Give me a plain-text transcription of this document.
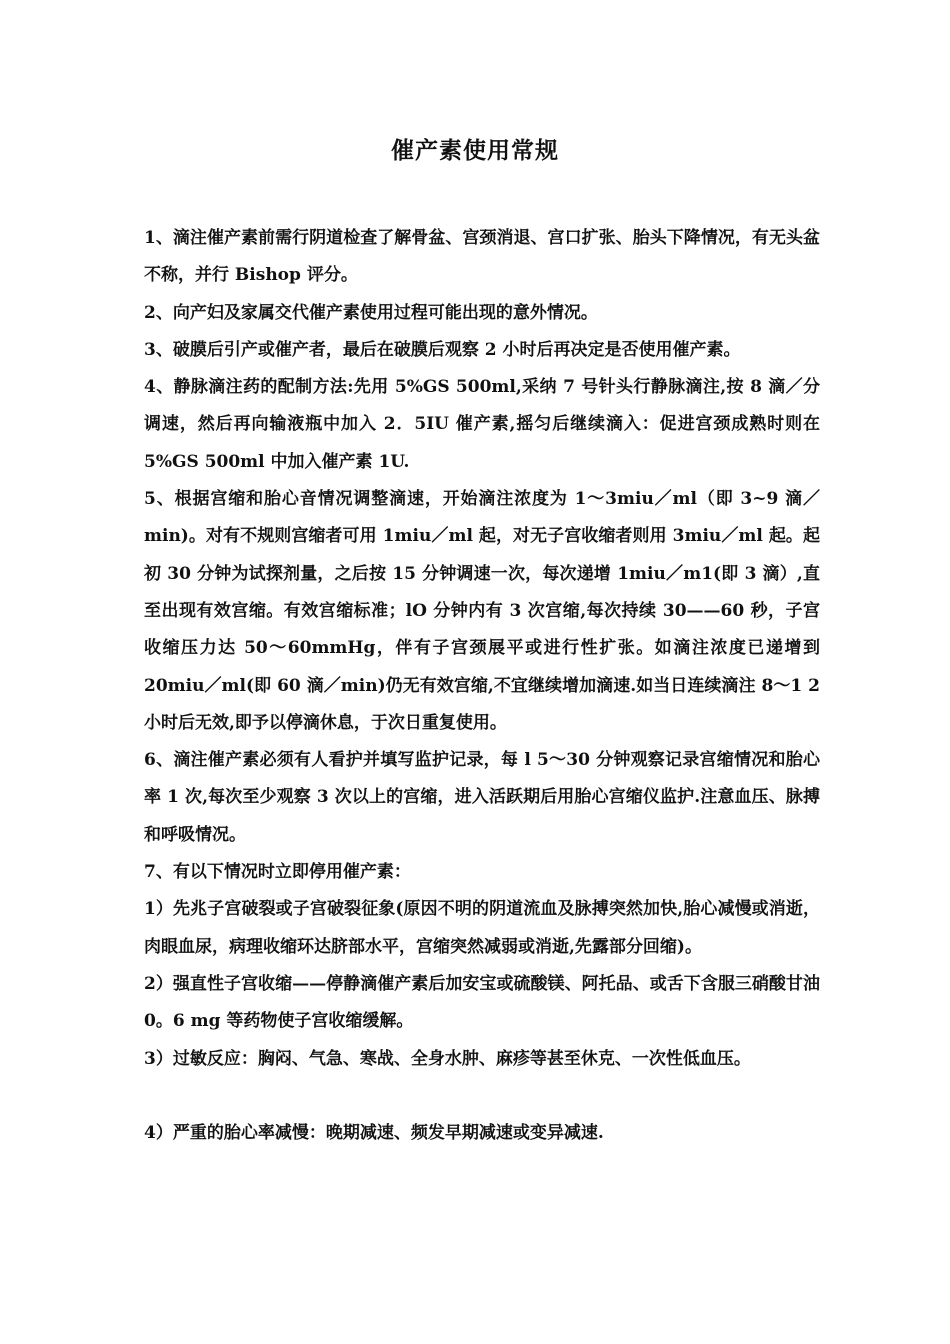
催产素使用常规

1、滴注催产素前需行阴道检查了解骨盆、宫颈消退、宫口扩张、胎头下降情况，有无头盆不称，并行 Bishop 评分。

2、向产妇及家属交代催产素使用过程可能出现的意外情况。

3、破膜后引产或催产者，最后在破膜后观察 2 小时后再决定是否使用催产素。

4、静脉滴注药的配制方法:先用 5%GS 500ml,采纳 7 号针头行静脉滴注,按 8 滴／分调速，然后再向输液瓶中加入 2．5IU 催产素,摇匀后继续滴入：促进宫颈成熟时则在 5%GS 500ml 中加入催产素 1U.

5、根据宫缩和胎心音情况调整滴速，开始滴注浓度为 1～3miu／ml（即 3~9 滴／min)。对有不规则宫缩者可用 1miu／ml 起，对无子宫收缩者则用 3miu／ml 起。起初 30 分钟为试探剂量，之后按 15 分钟调速一次，每次递增 1miu／m1(即 3 滴）,直至出现有效宫缩。有效宫缩标准；lO 分钟内有 3 次宫缩,每次持续 30——60 秒，子宫收缩压力达 50～60mmHg，伴有子宫颈展平或进行性扩张。如滴注浓度已递增到 20miu／ml(即 60 滴／min)仍无有效宫缩,不宜继续增加滴速.如当日连续滴注 8～1 2 小时后无效,即予以停滴休息，于次日重复使用。

6、滴注催产素必须有人看护并填写监护记录，每 l 5～30 分钟观察记录宫缩情况和胎心率 1 次,每次至少观察 3 次以上的宫缩，进入活跃期后用胎心宫缩仪监护.注意血压、脉搏和呼吸情况。

7、有以下情况时立即停用催产素：

1）先兆子宫破裂或子宫破裂征象(原因不明的阴道流血及脉搏突然加快,胎心减慢或消逝，肉眼血尿，病理收缩环达脐部水平，宫缩突然减弱或消逝,先露部分回缩)。

2）强直性子宫收缩——停静滴催产素后加安宝或硫酸镁、阿托品、或舌下含服三硝酸甘油 0。6 mg 等药物使子宫收缩缓解。

3）过敏反应：胸闷、气急、寒战、全身水肿、麻疹等甚至休克、一次性低血压。

4）严重的胎心率减慢：晚期减速、频发早期减速或变异减速.
